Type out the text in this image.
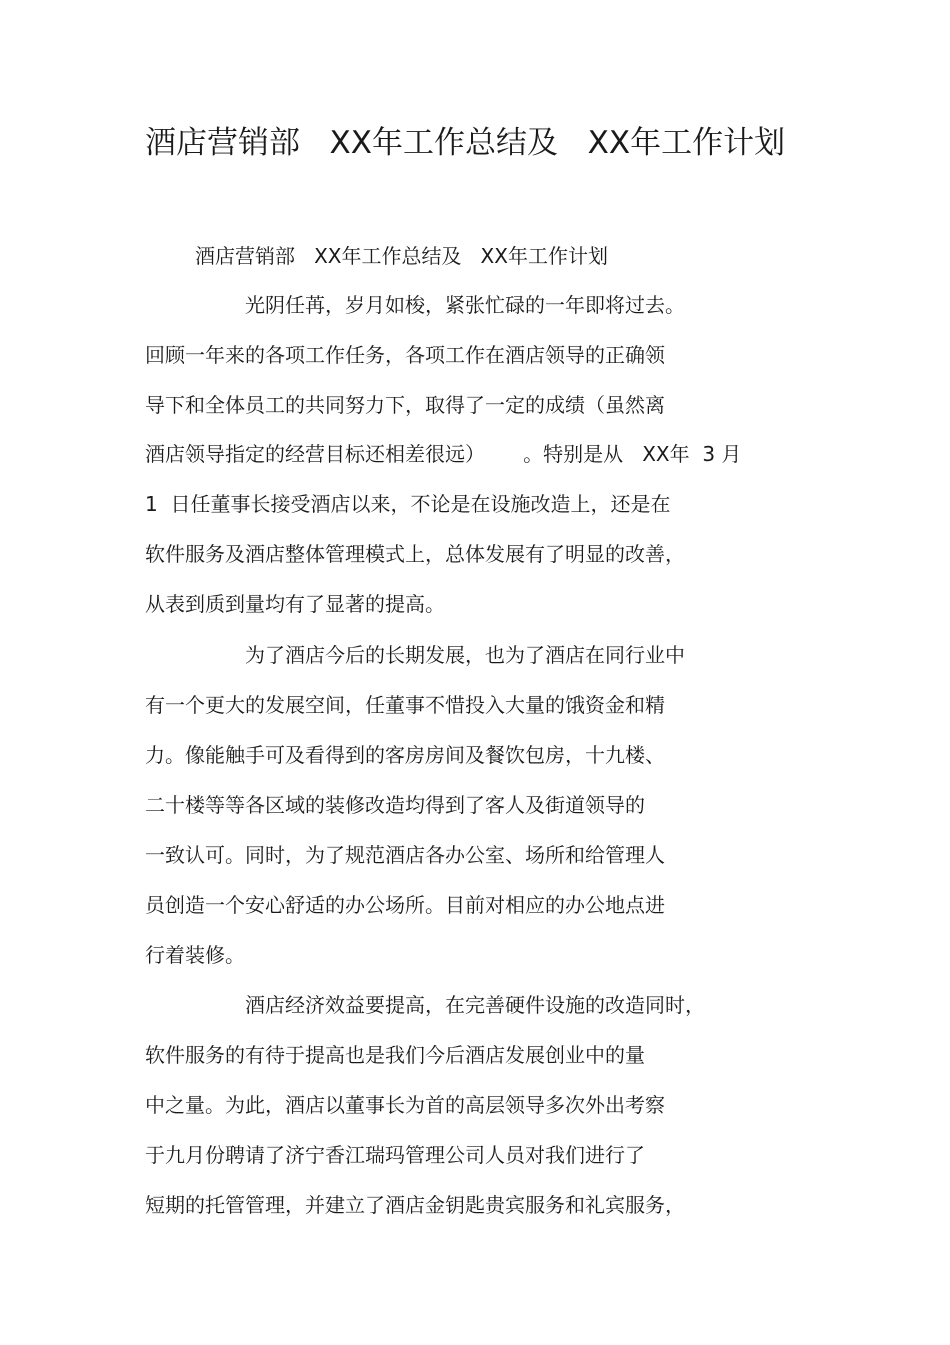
酒店营销部   XX年工作总结及   XX年工作计划

酒店营销部   XX年工作总结及   XX年工作计划

光阴任苒，岁月如梭，紧张忙碌的一年即将过去。

回顾一年来的各项工作任务，各项工作在酒店领导的正确领

导下和全体员工的共同努力下，取得了一定的成绩（虽然离

酒店领导指定的经营目标还相差很远）      。特别是从   XX年  3 月

1  日任董事长接受酒店以来，不论是在设施改造上，还是在

软件服务及酒店整体管理模式上，总体发展有了明显的改善，

从表到质到量均有了显著的提高。

为了酒店今后的长期发展，也为了酒店在同行业中

有一个更大的发展空间，任董事不惜投入大量的饿资金和精

力。像能触手可及看得到的客房房间及餐饮包房，十九楼、

二十楼等等各区域的装修改造均得到了客人及街道领导的

一致认可。同时，为了规范酒店各办公室、场所和给管理人

员创造一个安心舒适的办公场所。目前对相应的办公地点进

行着装修。

酒店经济效益要提高，在完善硬件设施的改造同时，

软件服务的有待于提高也是我们今后酒店发展创业中的量

中之量。为此，酒店以董事长为首的高层领导多次外出考察

于九月份聘请了济宁香江瑞玛管理公司人员对我们进行了

短期的托管管理，并建立了酒店金钥匙贵宾服务和礼宾服务，
